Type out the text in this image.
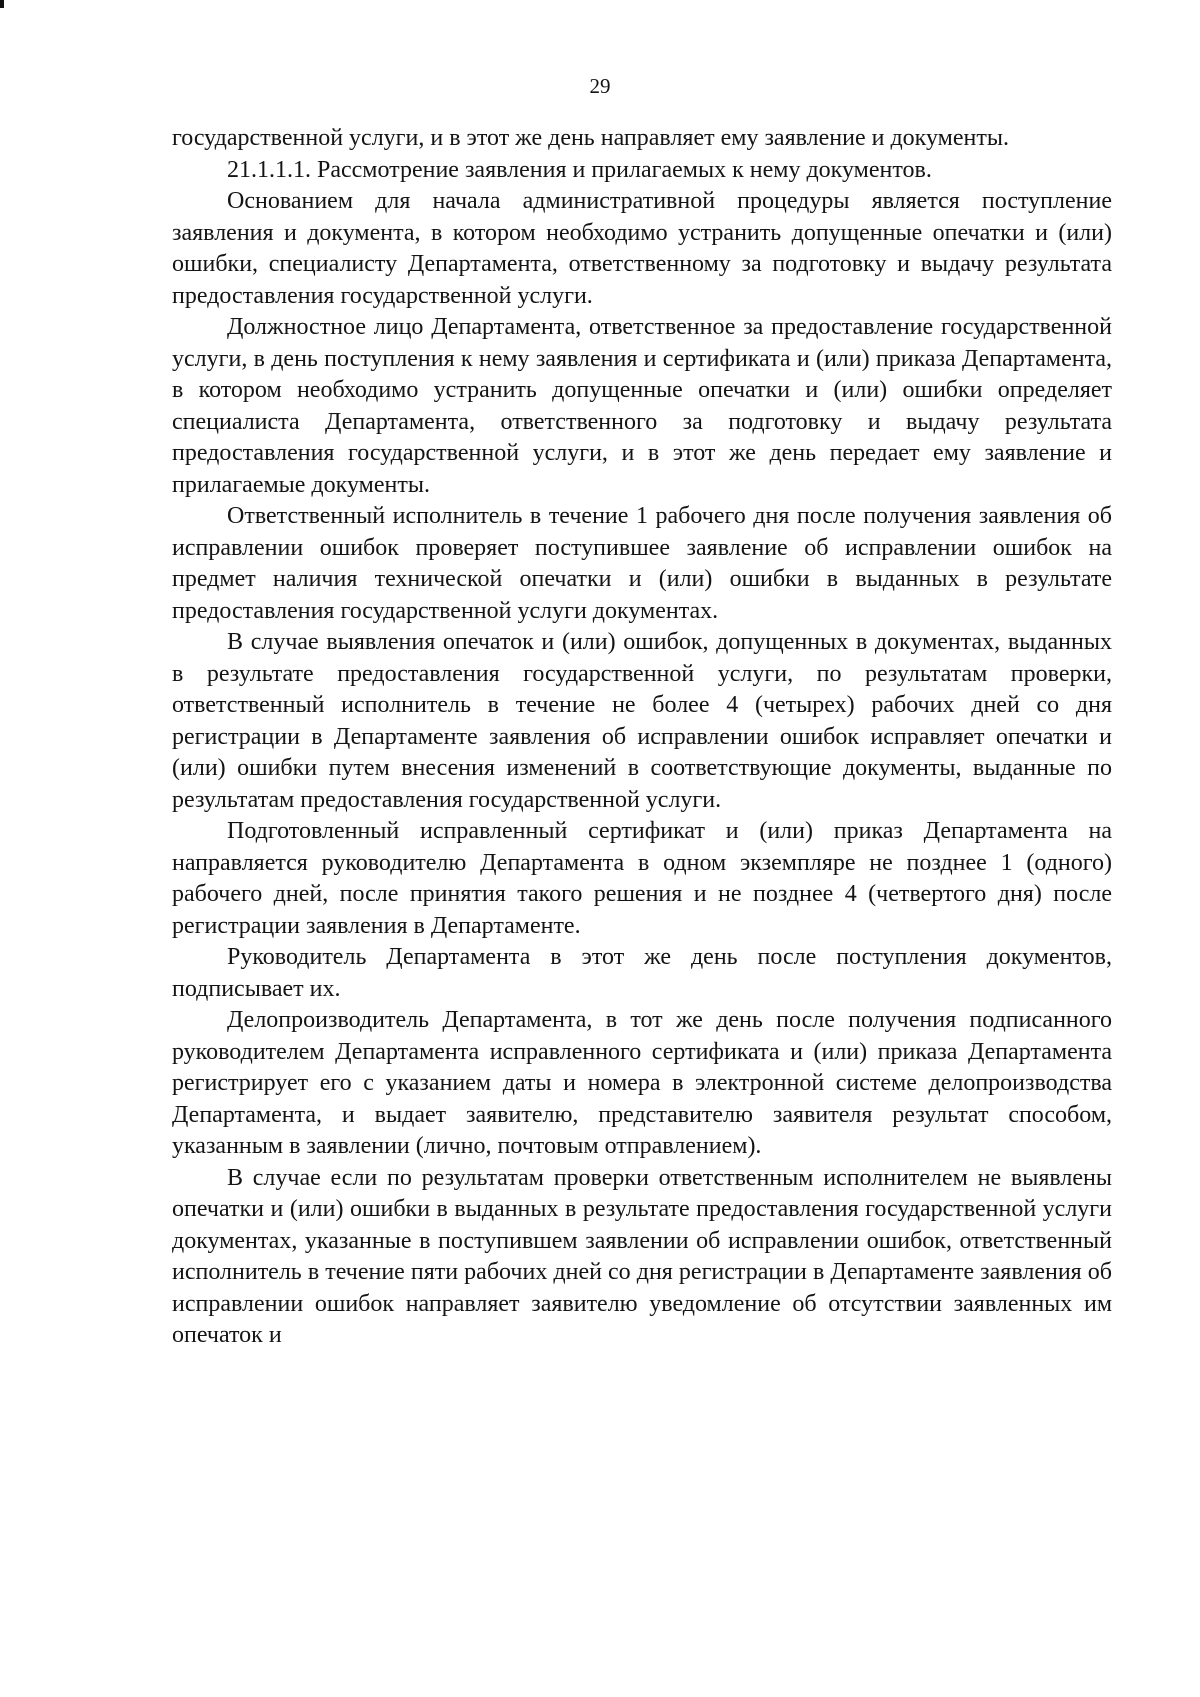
29

государственной услуги, и в этот же день направляет ему заявление и документы.

21.1.1.1. Рассмотрение заявления и прилагаемых к нему документов.

Основанием для начала административной процедуры является поступление заявления и документа, в котором необходимо устранить допущенные опечатки и (или) ошибки, специалисту Департамента, ответственному за подготовку и выдачу результата предоставления государственной услуги.

Должностное лицо Департамента, ответственное за предоставление государственной услуги, в день поступления к нему заявления и сертификата и (или) приказа Департамента, в котором необходимо устранить допущенные опечатки и (или) ошибки определяет специалиста Департамента, ответственного за подготовку и выдачу результата предоставления государственной услуги, и в этот же день передает ему заявление и прилагаемые документы.

Ответственный исполнитель в течение 1 рабочего дня после получения заявления об исправлении ошибок проверяет поступившее заявление об исправлении ошибок на предмет наличия технической опечатки и (или) ошибки в выданных в результате предоставления государственной услуги документах.

В случае выявления опечаток и (или) ошибок, допущенных в документах, выданных в результате предоставления государственной услуги, по результатам проверки, ответственный исполнитель в течение не более 4 (четырех) рабочих дней со дня регистрации в Департаменте заявления об исправлении ошибок исправляет опечатки и (или) ошибки путем внесения изменений в соответствующие документы, выданные по результатам предоставления государственной услуги.

Подготовленный исправленный сертификат и (или) приказ Департамента на направляется руководителю Департамента в одном экземпляре не позднее 1 (одного) рабочего дней, после принятия такого решения и не позднее 4 (четвертого дня) после регистрации заявления в Департаменте.

Руководитель Департамента в этот же день после поступления документов, подписывает их.

Делопроизводитель Департамента, в тот же день после получения подписанного руководителем Департамента исправленного сертификата и (или) приказа Департамента регистрирует его с указанием даты и номера в электронной системе делопроизводства Департамента, и выдает заявителю, представителю заявителя результат способом, указанным в заявлении (лично, почтовым отправлением).

В случае если по результатам проверки ответственным исполнителем не выявлены опечатки и (или) ошибки в выданных в результате предоставления государственной услуги документах, указанные в поступившем заявлении об исправлении ошибок, ответственный исполнитель в течение пяти рабочих дней со дня регистрации в Департаменте заявления об исправлении ошибок направляет заявителю уведомление об отсутствии заявленных им опечаток и
